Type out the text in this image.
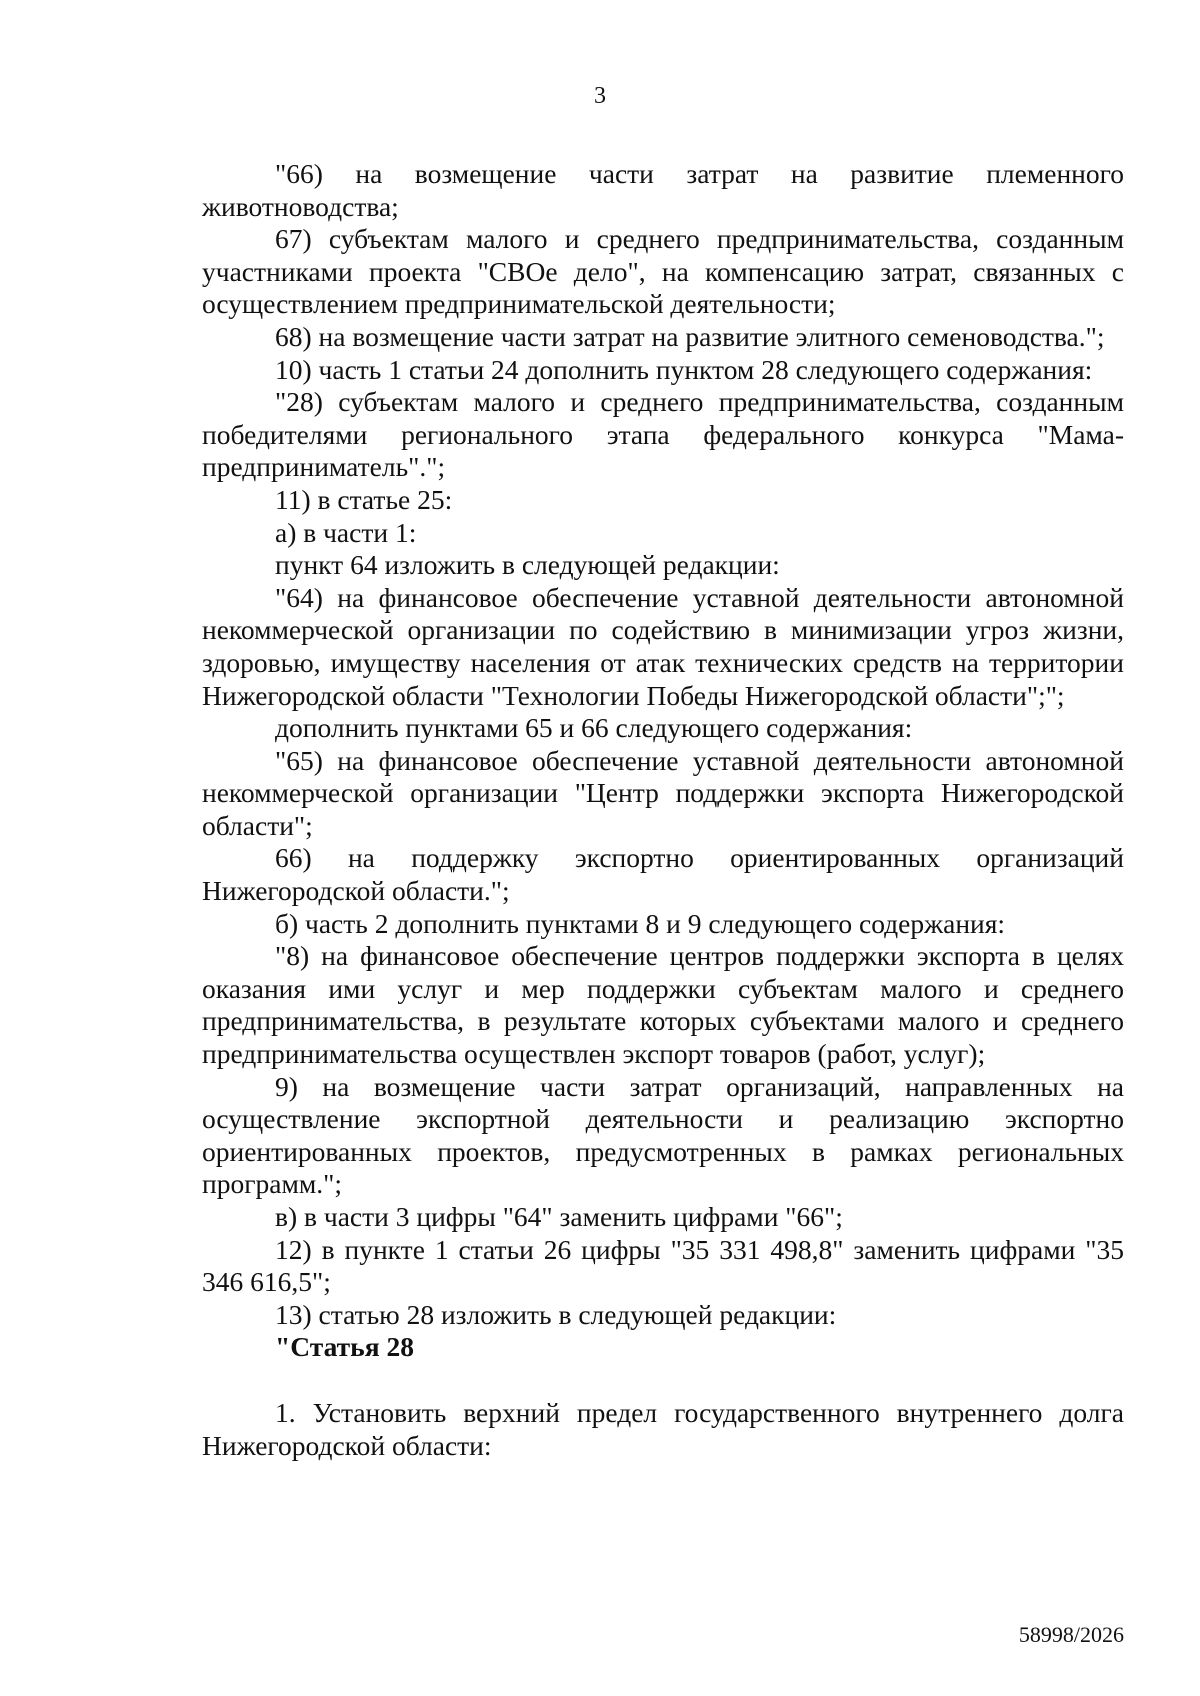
3

"66) на возмещение части затрат на развитие племенного животноводства;

67) субъектам малого и среднего предпринимательства, созданным участниками проекта "СВОе дело", на компенсацию затрат, связанных с осуществлением предпринимательской деятельности;

68) на возмещение части затрат на развитие элитного семеноводства.";

10) часть 1 статьи 24 дополнить пунктом 28 следующего содержания:

"28) субъектам малого и среднего предпринимательства, созданным победителями регионального этапа федерального конкурса "Мама-предприниматель".";

11) в статье 25:

а) в части 1:

пункт 64 изложить в следующей редакции:

"64) на финансовое обеспечение уставной деятельности автономной некоммерческой организации по содействию в минимизации угроз жизни, здоровью, имуществу населения от атак технических средств на территории Нижегородской области "Технологии Победы Нижегородской области";";

дополнить пунктами 65 и 66 следующего содержания:

"65) на финансовое обеспечение уставной деятельности автономной некоммерческой организации "Центр поддержки экспорта Нижегородской области";

66) на поддержку экспортно ориентированных организаций Нижегородской области.";

б) часть 2 дополнить пунктами 8 и 9 следующего содержания:

"8) на финансовое обеспечение центров поддержки экспорта в целях оказания ими услуг и мер поддержки субъектам малого и среднего предпринимательства, в результате которых субъектами малого и среднего предпринимательства осуществлен экспорт товаров (работ, услуг);

9) на возмещение части затрат организаций, направленных на осуществление экспортной деятельности и реализацию экспортно ориентированных проектов, предусмотренных в рамках региональных программ.";

в) в части 3 цифры "64" заменить цифрами "66";

12) в пункте 1 статьи 26 цифры "35 331 498,8" заменить цифрами "35 346 616,5";

13) статью 28 изложить в следующей редакции:

"Статья 28

1. Установить верхний предел государственного внутреннего долга Нижегородской области:

58998/2026
